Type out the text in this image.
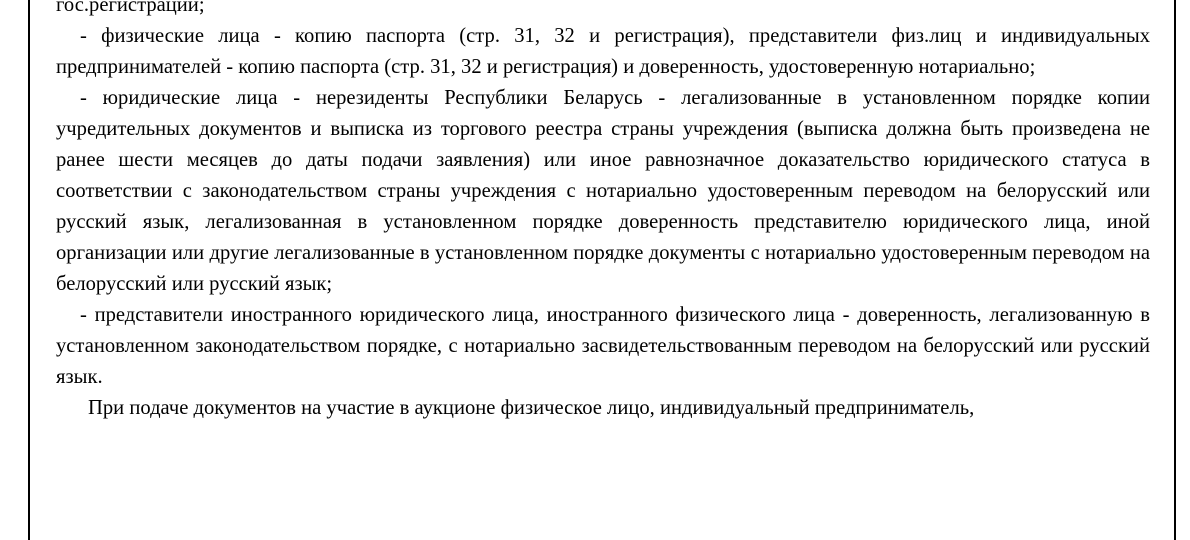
гос.регистрации;

- физические лица - копию паспорта (стр. 31, 32 и регистрация), представители физ.лиц и индивидуальных предпринимателей - копию паспорта (стр. 31, 32 и регистрация) и доверенность, удостоверенную нотариально;

- юридические лица - нерезиденты Республики Беларусь - легализованные в установленном порядке копии учредительных документов и выписка из торгового реестра страны учреждения (выписка должна быть произведена не ранее шести месяцев до даты подачи заявления) или иное равнозначное доказательство юридического статуса в соответствии с законодательством страны учреждения с нотариально удостоверенным переводом на белорусский или русский язык, легализованная в установленном порядке доверенность представителю юридического лица, иной организации или другие легализованные в установленном порядке документы с нотариально удостоверенным переводом на белорусский или русский язык;

- представители иностранного юридического лица, иностранного физического лица - доверенность, легализованную в установленном законодательством порядке, с нотариально засвидетельствованным переводом на белорусский или русский язык.

При подаче документов на участие в аукционе физическое лицо, индивидуальный предприниматель,
